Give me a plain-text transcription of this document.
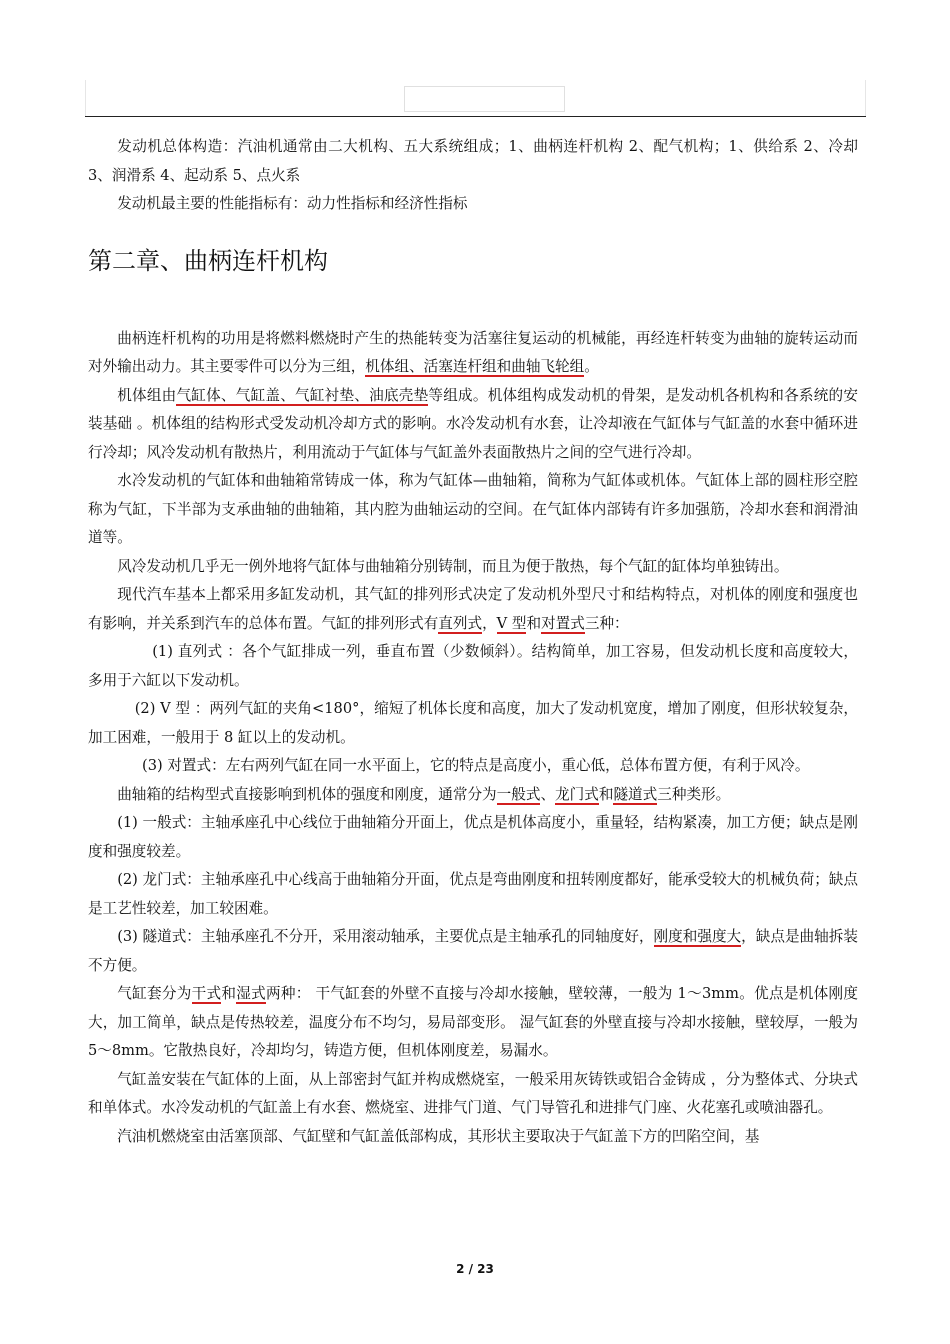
发动机总体构造：汽油机通常由二大机构、五大系统组成；1、曲柄连杆机构 2、配气机构；1、供给系 2、冷却 3、润滑系 4、起动系 5、点火系

发动机最主要的性能指标有：动力性指标和经济性指标

第二章、曲柄连杆机构

曲柄连杆机构的功用是将燃料燃烧时产生的热能转变为活塞往复运动的机械能，再经连杆转变为曲轴的旋转运动而对外输出动力。其主要零件可以分为三组，机体组、活塞连杆组和曲轴飞轮组。

机体组由气缸体、气缸盖、气缸衬垫、油底壳垫等组成。机体组构成发动机的骨架，是发动机各机构和各系统的安装基础 。机体组的结构形式受发动机冷却方式的影响。水冷发动机有水套，让冷却液在气缸体与气缸盖的水套中循环进行冷却；风冷发动机有散热片，利用流动于气缸体与气缸盖外表面散热片之间的空气进行冷却。

水冷发动机的气缸体和曲轴箱常铸成一体，称为气缸体—曲轴箱，简称为气缸体或机体。气缸体上部的圆柱形空腔称为气缸，下半部为支承曲轴的曲轴箱，其内腔为曲轴运动的空间。在气缸体内部铸有许多加强筋，冷却水套和润滑油道等。

风冷发动机几乎无一例外地将气缸体与曲轴箱分别铸制，而且为便于散热，每个气缸的缸体均单独铸出。

现代汽车基本上都采用多缸发动机，其气缸的排列形式决定了发动机外型尺寸和结构特点，对机体的刚度和强度也有影响，并关系到汽车的总体布置。气缸的排列形式有直列式，V 型和对置式三种：

(1) 直列式 ：各个气缸排成一列，垂直布置（少数倾斜）。结构简单，加工容易，但发动机长度和高度较大，多用于六缸以下发动机。

(2) V 型 ：两列气缸的夹角<180°，缩短了机体长度和高度，加大了发动机宽度，增加了刚度，但形状较复杂，加工困难，一般用于 8 缸以上的发动机。

(3) 对置式：左右两列气缸在同一水平面上，它的特点是高度小，重心低，总体布置方便，有利于风冷。

曲轴箱的结构型式直接影响到机体的强度和刚度，通常分为一般式、龙门式和隧道式三种类形。

(1) 一般式：主轴承座孔中心线位于曲轴箱分开面上，优点是机体高度小，重量轻，结构紧凑，加工方便；缺点是刚度和强度较差。

(2) 龙门式：主轴承座孔中心线高于曲轴箱分开面，优点是弯曲刚度和扭转刚度都好，能承受较大的机械负荷；缺点是工艺性较差，加工较困难。

(3) 隧道式：主轴承座孔不分开，采用滚动轴承，主要优点是主轴承孔的同轴度好，刚度和强度大，缺点是曲轴拆装不方便。

气缸套分为干式和湿式两种： 干气缸套的外壁不直接与冷却水接触，壁较薄，一般为 1～3mm。优点是机体刚度大，加工简单，缺点是传热较差，温度分布不均匀，易局部变形。 湿气缸套的外壁直接与冷却水接触，壁较厚，一般为 5～8mm。它散热良好，冷却均匀，铸造方便，但机体刚度差，易漏水。

气缸盖安装在气缸体的上面，从上部密封气缸并构成燃烧室，一般采用灰铸铁或铝合金铸成 ，分为整体式、分块式和单体式。水冷发动机的气缸盖上有水套、燃烧室、进排气门道、气门导管孔和进排气门座、火花塞孔或喷油器孔。

汽油机燃烧室由活塞顶部、气缸壁和气缸盖低部构成，其形状主要取决于气缸盖下方的凹陷空间，基

2 / 23
